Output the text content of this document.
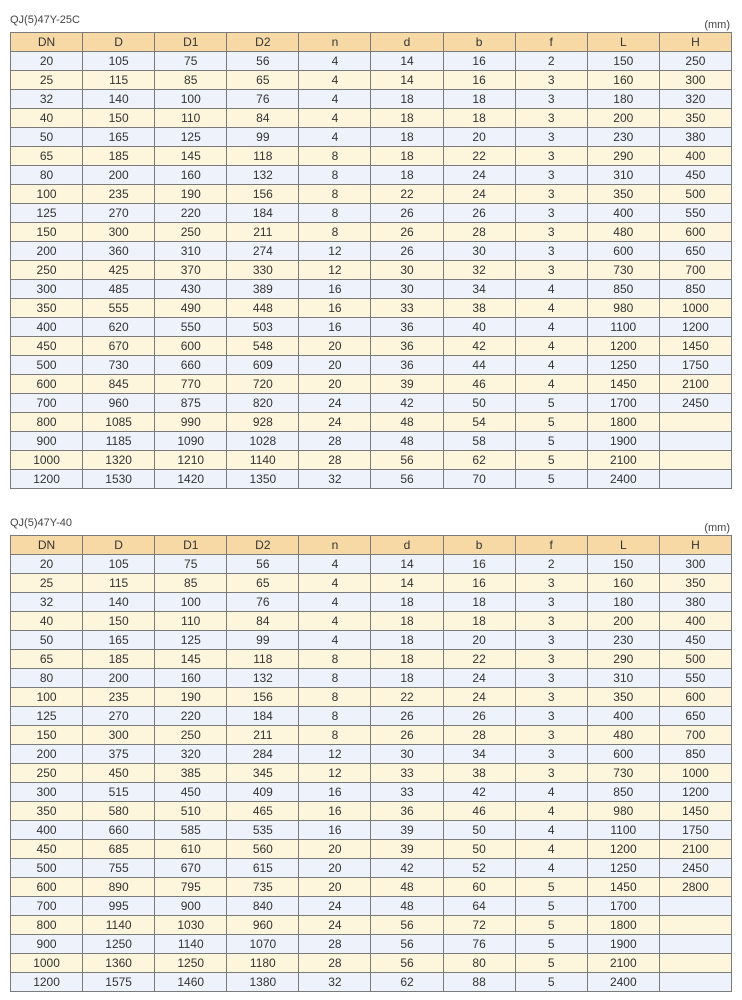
QJ(5)47Y-25C	(mm)
DN	D	D1	D2	n	d	b	f	L	H
20	105	75	56	4	14	16	2	150	250
25	115	85	65	4	14	16	3	160	300
32	140	100	76	4	18	18	3	180	320
40	150	110	84	4	18	18	3	200	350
50	165	125	99	4	18	20	3	230	380
65	185	145	118	8	18	22	3	290	400
80	200	160	132	8	18	24	3	310	450
100	235	190	156	8	22	24	3	350	500
125	270	220	184	8	26	26	3	400	550
150	300	250	211	8	26	28	3	480	600
200	360	310	274	12	26	30	3	600	650
250	425	370	330	12	30	32	3	730	700
300	485	430	389	16	30	34	4	850	850
350	555	490	448	16	33	38	4	980	1000
400	620	550	503	16	36	40	4	1100	1200
450	670	600	548	20	36	42	4	1200	1450
500	730	660	609	20	36	44	4	1250	1750
600	845	770	720	20	39	46	4	1450	2100
700	960	875	820	24	42	50	5	1700	2450
800	1085	990	928	24	48	54	5	1800	
900	1185	1090	1028	28	48	58	5	1900	
1000	1320	1210	1140	28	56	62	5	2100	
1200	1530	1420	1350	32	56	70	5	2400	
QJ(5)47Y-40	(mm)
DN	D	D1	D2	n	d	b	f	L	H
20	105	75	56	4	14	16	2	150	300
25	115	85	65	4	14	16	3	160	350
32	140	100	76	4	18	18	3	180	380
40	150	110	84	4	18	18	3	200	400
50	165	125	99	4	18	20	3	230	450
65	185	145	118	8	18	22	3	290	500
80	200	160	132	8	18	24	3	310	550
100	235	190	156	8	22	24	3	350	600
125	270	220	184	8	26	26	3	400	650
150	300	250	211	8	26	28	3	480	700
200	375	320	284	12	30	34	3	600	850
250	450	385	345	12	33	38	3	730	1000
300	515	450	409	16	33	42	4	850	1200
350	580	510	465	16	36	46	4	980	1450
400	660	585	535	16	39	50	4	1100	1750
450	685	610	560	20	39	50	4	1200	2100
500	755	670	615	20	42	52	4	1250	2450
600	890	795	735	20	48	60	5	1450	2800
700	995	900	840	24	48	64	5	1700	
800	1140	1030	960	24	56	72	5	1800	
900	1250	1140	1070	28	56	76	5	1900	
1000	1360	1250	1180	28	56	80	5	2100	
1200	1575	1460	1380	32	62	88	5	2400	
